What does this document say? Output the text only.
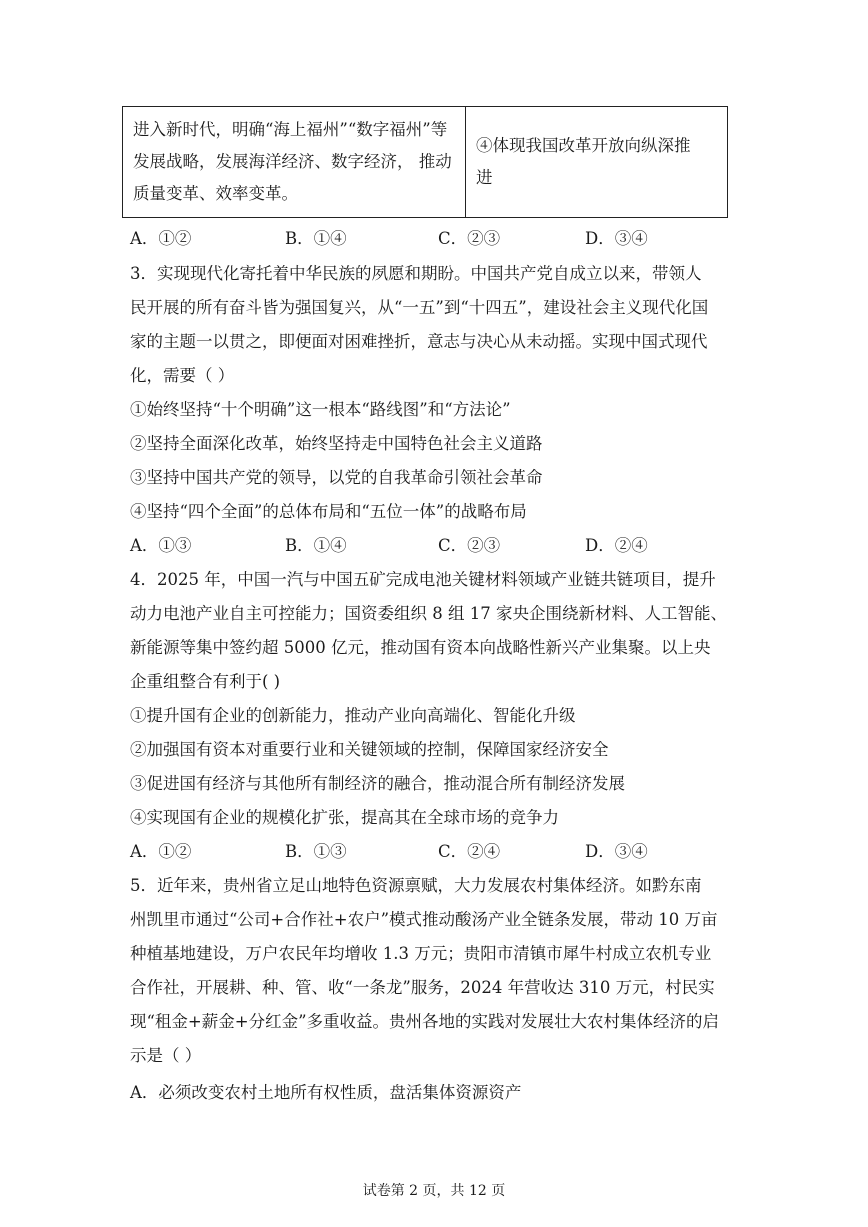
进入新时代，明确“海上福州”“数字福州”等
发展战略，发展海洋经济、数字经济， 推动
质量变革、效率变革。

④体现我国改革开放向纵深推
进
A．①②	B．①④	C．②③	D．③④
3．实现现代化寄托着中华民族的夙愿和期盼。中国共产党自成立以来，带领人
民开展的所有奋斗皆为强国复兴，从“一五”到“十四五”，建设社会主义现代化国
家的主题一以贯之，即便面对困难挫折，意志与决心从未动摇。实现中国式现代
化，需要（ ）
①始终坚持“十个明确”这一根本“路线图”和“方法论”
②坚持全面深化改革，始终坚持走中国特色社会主义道路
③坚持中国共产党的领导，以党的自我革命引领社会革命
④坚持“四个全面”的总体布局和“五位一体”的战略布局
A．①③	B．①④	C．②③	D．②④
4．2025 年，中国一汽与中国五矿完成电池关键材料领域产业链共链项目，提升
动力电池产业自主可控能力；国资委组织 8 组 17 家央企围绕新材料、人工智能、
新能源等集中签约超 5000 亿元，推动国有资本向战略性新兴产业集聚。以上央
企重组整合有利于( )
①提升国有企业的创新能力，推动产业向高端化、智能化升级
②加强国有资本对重要行业和关键领域的控制，保障国家经济安全
③促进国有经济与其他所有制经济的融合，推动混合所有制经济发展
④实现国有企业的规模化扩张，提高其在全球市场的竞争力
A．①②	B．①③	C．②④	D．③④
5．近年来，贵州省立足山地特色资源禀赋，大力发展农村集体经济。如黔东南
州凯里市通过“公司+合作社+农户”模式推动酸汤产业全链条发展，带动 10 万亩
种植基地建设，万户农民年均增收 1.3 万元；贵阳市清镇市犀牛村成立农机专业
合作社，开展耕、种、管、收“一条龙”服务，2024 年营收达 310 万元，村民实
现“租金+薪金+分红金”多重收益。贵州各地的实践对发展壮大农村集体经济的启
示是（ ）
A．必须改变农村土地所有权性质，盘活集体资源资产
试卷第 2 页，共 12 页
